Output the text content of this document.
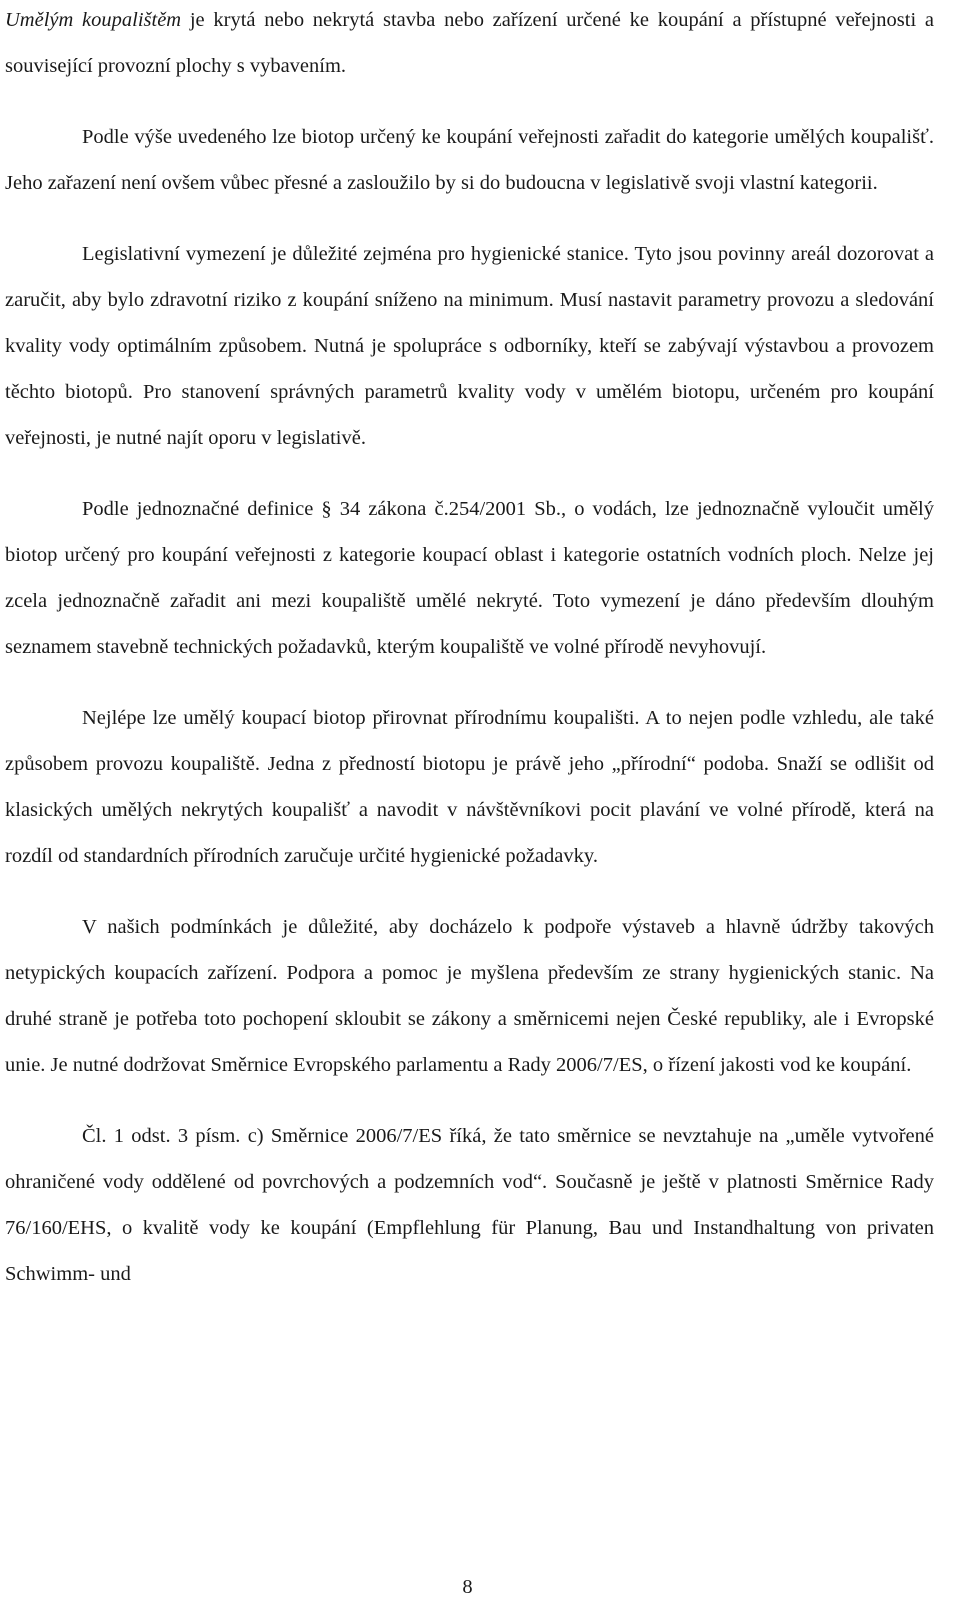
Umělým koupalištěm je krytá nebo nekrytá stavba nebo zařízení určené ke koupání a přístupné veřejnosti a související provozní plochy s vybavením.

Podle výše uvedeného lze biotop určený ke koupání veřejnosti zařadit do kategorie umělých koupališť. Jeho zařazení není ovšem vůbec přesné a zasloužilo by si do budoucna v legislativě svoji vlastní kategorii.

Legislativní vymezení je důležité zejména pro hygienické stanice. Tyto jsou povinny areál dozorovat a zaručit, aby bylo zdravotní riziko z koupání sníženo na minimum. Musí nastavit parametry provozu a sledování kvality vody optimálním způsobem. Nutná je spolupráce s odborníky, kteří se zabývají výstavbou a provozem těchto biotopů. Pro stanovení správných parametrů kvality vody v umělém biotopu, určeném pro koupání veřejnosti, je nutné najít oporu v legislativě.

Podle jednoznačné definice § 34 zákona č.254/2001 Sb., o vodách, lze jednoznačně vyloučit umělý biotop určený pro koupání veřejnosti z kategorie koupací oblast i kategorie ostatních vodních ploch. Nelze jej zcela jednoznačně zařadit ani mezi koupaliště umělé nekryté. Toto vymezení je dáno především dlouhým seznamem stavebně technických požadavků, kterým koupaliště ve volné přírodě nevyhovují.

Nejlépe lze umělý koupací biotop přirovnat přírodnímu koupališti. A to nejen podle vzhledu, ale také způsobem provozu koupaliště. Jedna z předností biotopu je právě jeho „přírodní“ podoba. Snaží se odlišit od klasických umělých nekrytých koupališť a navodit v návštěvníkovi pocit plavání ve volné přírodě, která na rozdíl od standardních přírodních zaručuje určité hygienické požadavky.

V našich podmínkách je důležité, aby docházelo k podpoře výstaveb a hlavně údržby takových netypických koupacích zařízení. Podpora a pomoc je myšlena především ze strany hygienických stanic. Na druhé straně je potřeba toto pochopení skloubit se zákony a směrnicemi nejen České republiky, ale i Evropské unie. Je nutné dodržovat Směrnice Evropského parlamentu a Rady 2006/7/ES, o řízení jakosti vod ke koupání.

Čl. 1 odst. 3 písm. c) Směrnice 2006/7/ES říká, že tato směrnice se nevztahuje na „uměle vytvořené ohraničené vody oddělené od povrchových a podzemních vod“. Současně je ještě v platnosti Směrnice Rady 76/160/EHS, o kvalitě vody ke koupání (Empflehlung für Planung, Bau und Instandhaltung von privaten Schwimm- und

8
